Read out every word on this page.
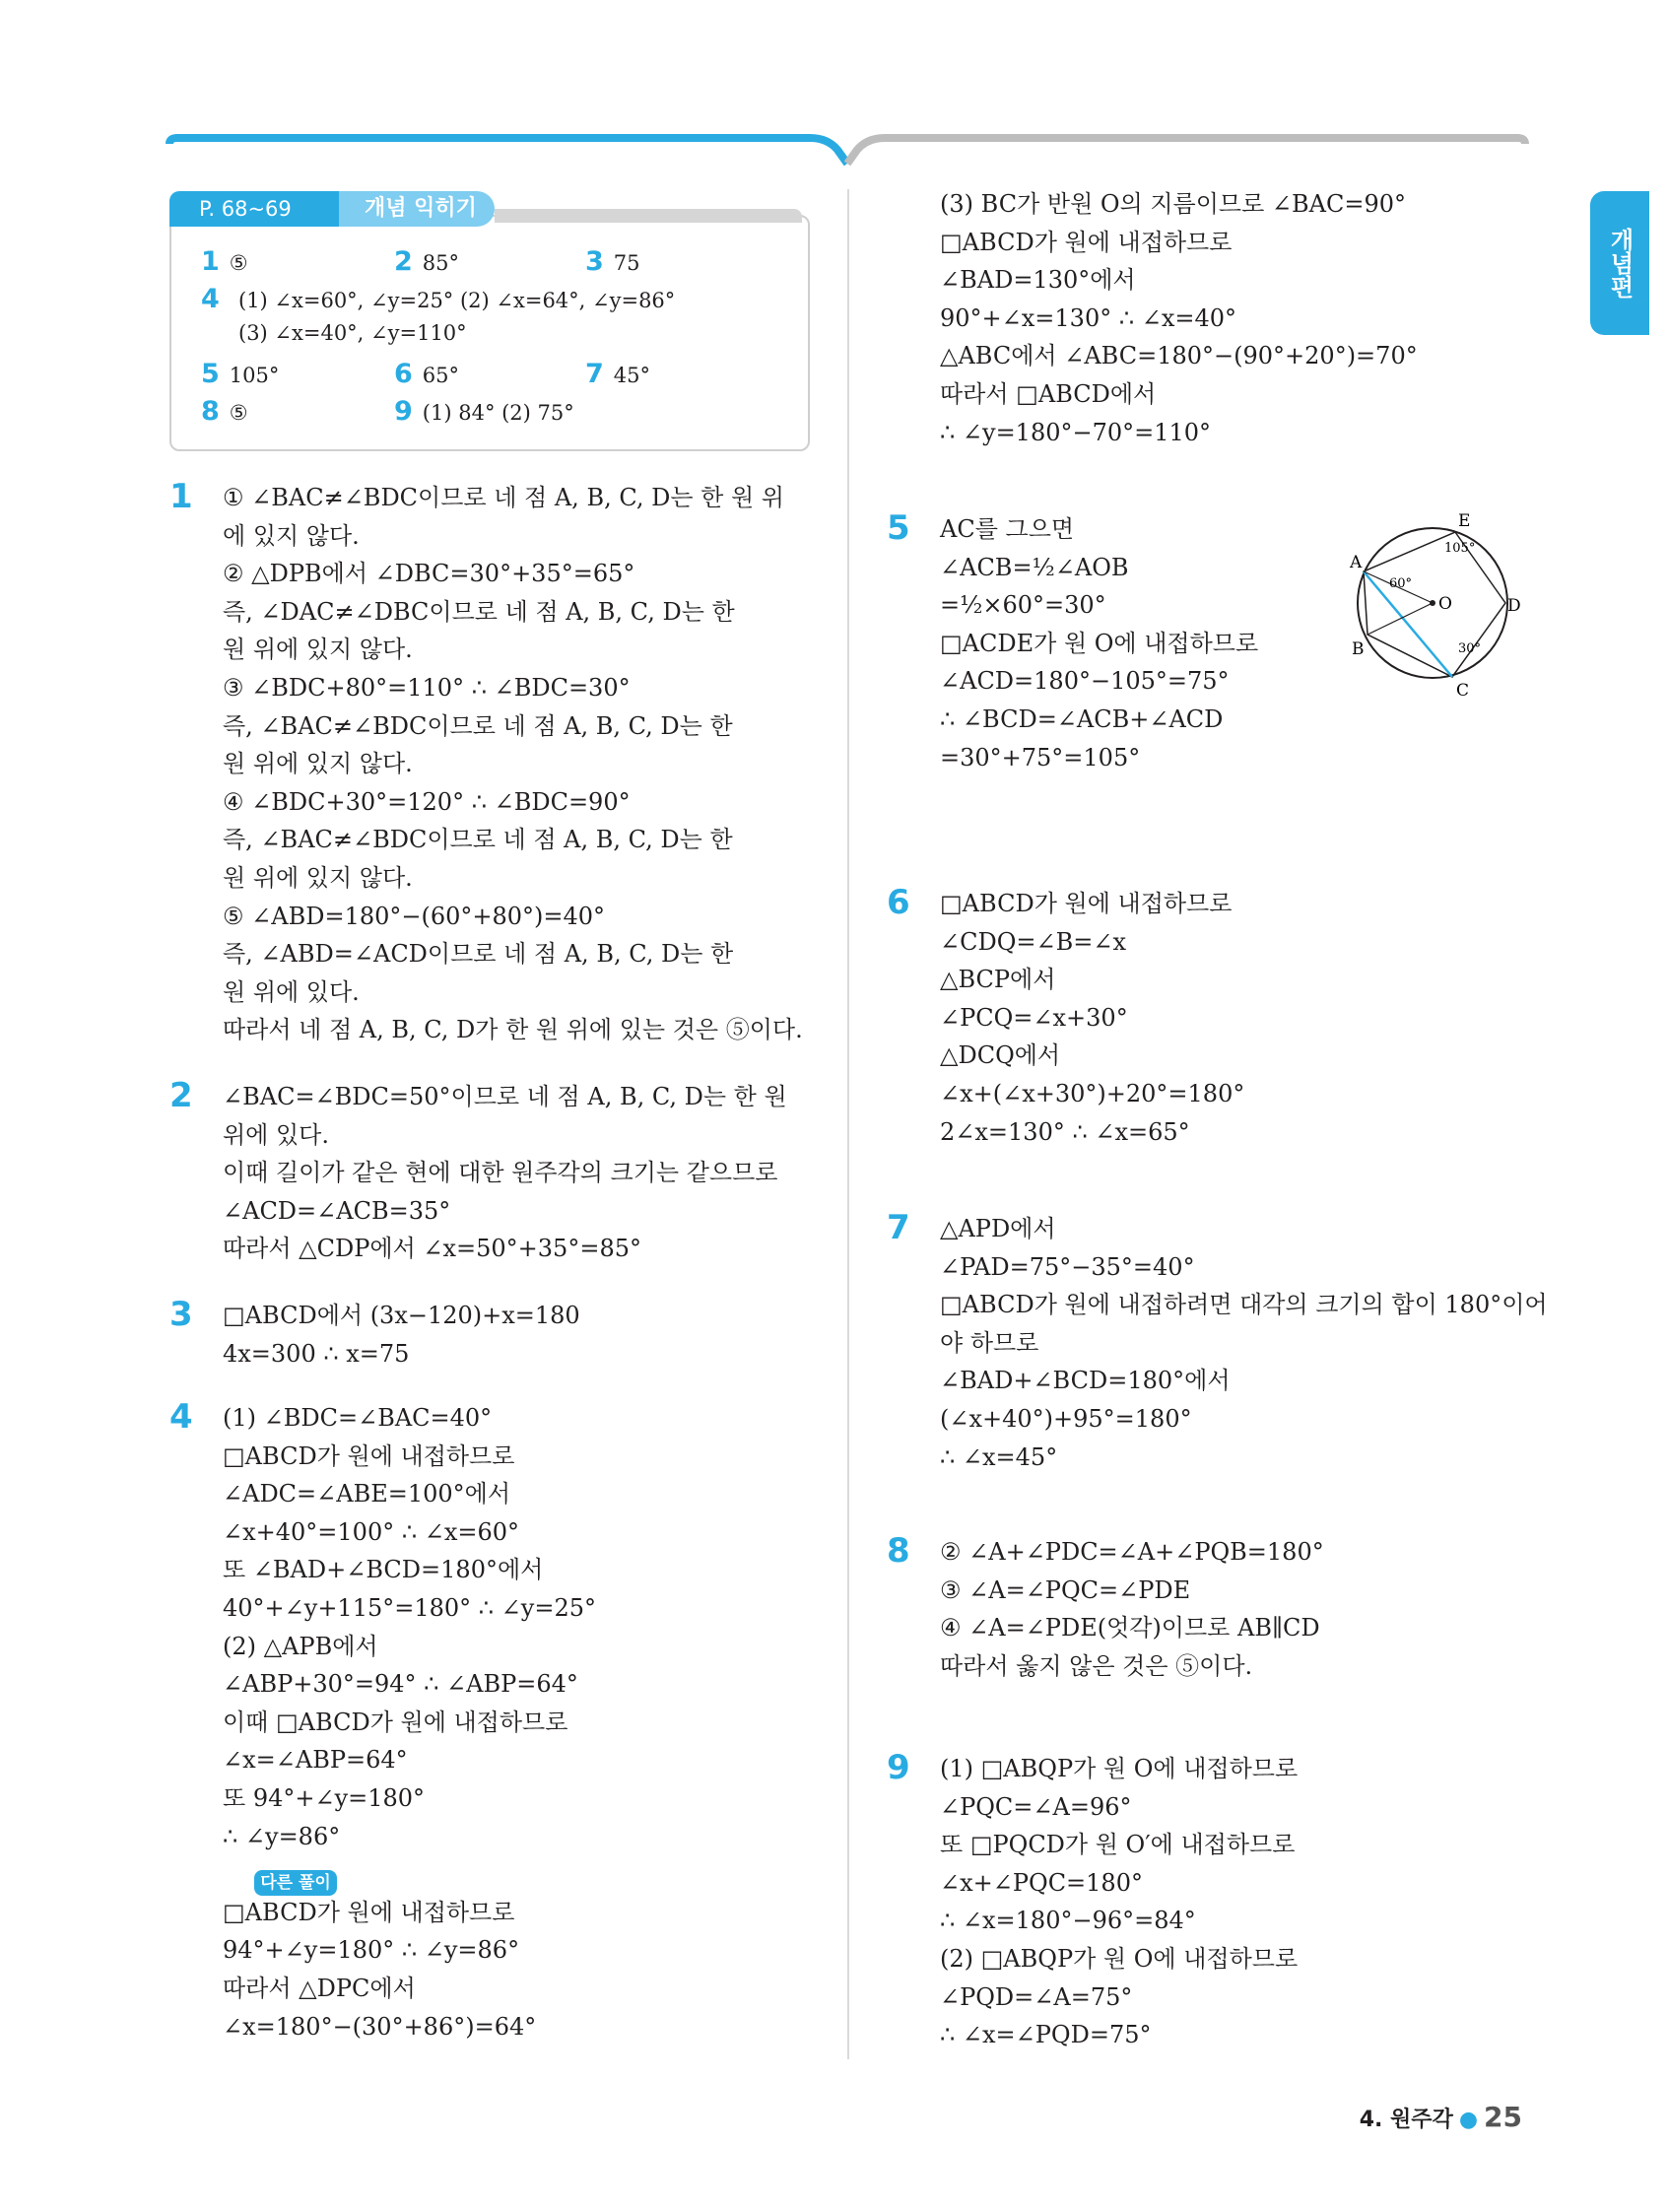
개념편
개념 익히기
P. 68~69
1 ⑤	2 85°	3 75
4 (1) ∠x=60°, ∠y=25° (2) ∠x=64°, ∠y=86°
(3) ∠x=40°, ∠y=110°
5 105°	6 65°	7 45°
8 ⑤	9 (1) 84° (2) 75°
1 ① ∠BAC≠∠BDC이므로 네 점 A, B, C, D는 한 원 위
에 있지 않다.
② △DPB에서 ∠DBC=30°+35°=65°
즉, ∠DAC≠∠DBC이므로 네 점 A, B, C, D는 한
원 위에 있지 않다.
③ ∠BDC+80°=110° ∴ ∠BDC=30°
즉, ∠BAC≠∠BDC이므로 네 점 A, B, C, D는 한
원 위에 있지 않다.
④ ∠BDC+30°=120° ∴ ∠BDC=90°
즉, ∠BAC≠∠BDC이므로 네 점 A, B, C, D는 한
원 위에 있지 않다.
⑤ ∠ABD=180°−(60°+80°)=40°
즉, ∠ABD=∠ACD이므로 네 점 A, B, C, D는 한
원 위에 있다.
따라서 네 점 A, B, C, D가 한 원 위에 있는 것은 ⑤이다.
2 ∠BAC=∠BDC=50°이므로 네 점 A, B, C, D는 한 원
위에 있다.
이때 길이가 같은 현에 대한 원주각의 크기는 같으므로
∠ACD=∠ACB=35°
따라서 △CDP에서 ∠x=50°+35°=85°
3 □ABCD에서 (3x−120)+x=180
4x=300 ∴ x=75
4 (1) ∠BDC=∠BAC=40°
□ABCD가 원에 내접하므로
∠ADC=∠ABE=100°에서
∠x+40°=100° ∴ ∠x=60°
또 ∠BAD+∠BCD=180°에서
40°+∠y+115°=180° ∴ ∠y=25°
(2) △APB에서
∠ABP+30°=94° ∴ ∠ABP=64°
이때 □ABCD가 원에 내접하므로
∠x=∠ABP=64°
또 94°+∠y=180°
∴ ∠y=86°
□ABCD가 원에 내접하므로
94°+∠y=180° ∴ ∠y=86°
따라서 △DPC에서
∠x=180°−(30°+86°)=64°
다른 풀이
(3) BC가 반원 O의 지름이므로 ∠BAC=90°
□ABCD가 원에 내접하므로
∠BAD=130°에서
90°+∠x=130° ∴ ∠x=40°
△ABC에서 ∠ABC=180°−(90°+20°)=70°
따라서 □ABCD에서
∴ ∠y=180°−70°=110°
5 AC를 그으면
∠ACB=½∠AOB
=½×60°=30°
□ACDE가 원 O에 내접하므로
∠ACD=180°−105°=75°
∴ ∠BCD=∠ACB+∠ACD
=30°+75°=105°
6 □ABCD가 원에 내접하므로
∠CDQ=∠B=∠x
△BCP에서
∠PCQ=∠x+30°
△DCQ에서
∠x+(∠x+30°)+20°=180°
2∠x=130° ∴ ∠x=65°
7 △APD에서
∠PAD=75°−35°=40°
□ABCD가 원에 내접하려면 대각의 크기의 합이 180°이어
야 하므로
∠BAD+∠BCD=180°에서
(∠x+40°)+95°=180°
∴ ∠x=45°
8 ② ∠A+∠PDC=∠A+∠PQB=180°
③ ∠A=∠PQC=∠PDE
④ ∠A=∠PDE(엇각)이므로 AB∥CD
따라서 옳지 않은 것은 ⑤이다.
9 (1) □ABQP가 원 O에 내접하므로
∠PQC=∠A=96°
또 □PQCD가 원 O′에 내접하므로
∠x+∠PQC=180°
∴ ∠x=180°−96°=84°
(2) □ABQP가 원 O에 내접하므로
∠PQD=∠A=75°
∴ ∠x=∠PQD=75°
A
B
C
D
E
O
60°
105°
30°
4. 원주각 ● 25
